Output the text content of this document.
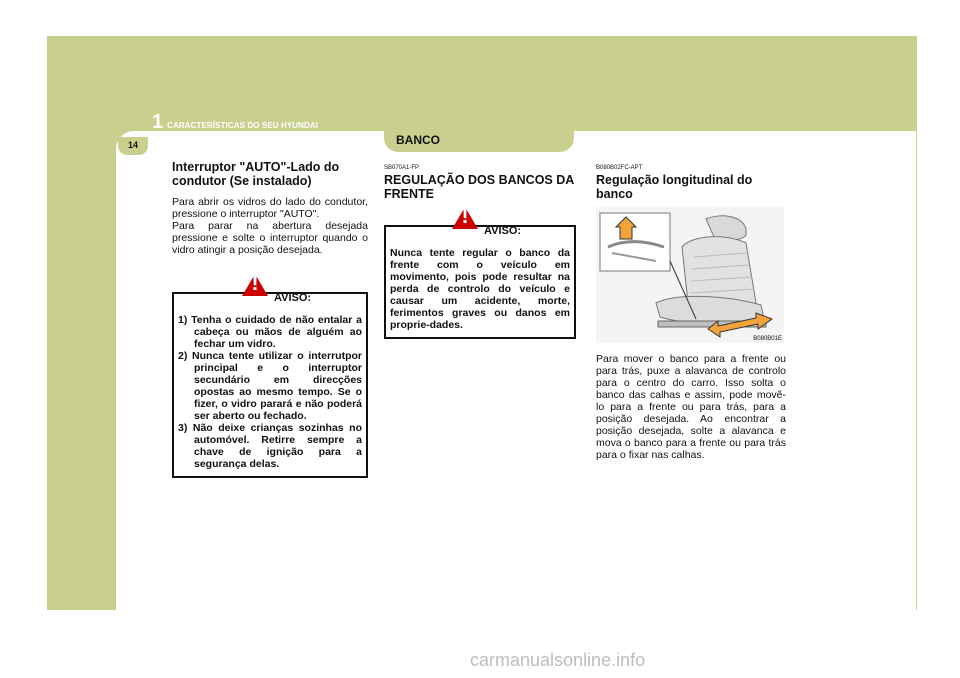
1 CARACTERÍSTICAS DO SEU HYUNDAI
14	BANCO
Interruptor "AUTO"-Lado do condutor (Se instalado)

Para abrir os vidros do lado do condutor, pressione o interruptor "AUTO".

Para parar na abertura desejada pressione e solte o interruptor quando o vidro atingir a posição desejada.

!
AVISO:
1) Tenha o cuidado de não entalar a cabeça ou mãos de alguém ao fechar um vidro.
2) Nunca tente utilizar o interrutpor principal e o interruptor secundário em direcções opostas ao mesmo tempo. Se o fizer, o vidro parará e não poderá ser aberto ou fechado.
3) Não deixe crianças sozinhas no automóvel. Retirre sempre a chave de ignição para a segurança delas.
SB070A1-FP
REGULAÇÃO DOS BANCOS DA FRENTE
!
AVISO:
Nunca tente regular o banco da frente com o veículo em movimento, pois pode resultar na perda de controlo do veículo e causar um acidente, morte, ferimentos graves ou danos em proprie-dades.
B080B02FC-APT
Regulação longitudinal do banco
B080B01E

Para mover o banco para a frente ou para trás, puxe a alavanca de controlo para o centro do carro. Isso solta o banco das calhas e assim, pode movê-lo para a frente ou para trás, para a posição desejada. Ao encontrar a posição desejada, solte a alavanca e mova o banco para a frente ou para trás para o fixar nas calhas.

carmanualsonline.info
